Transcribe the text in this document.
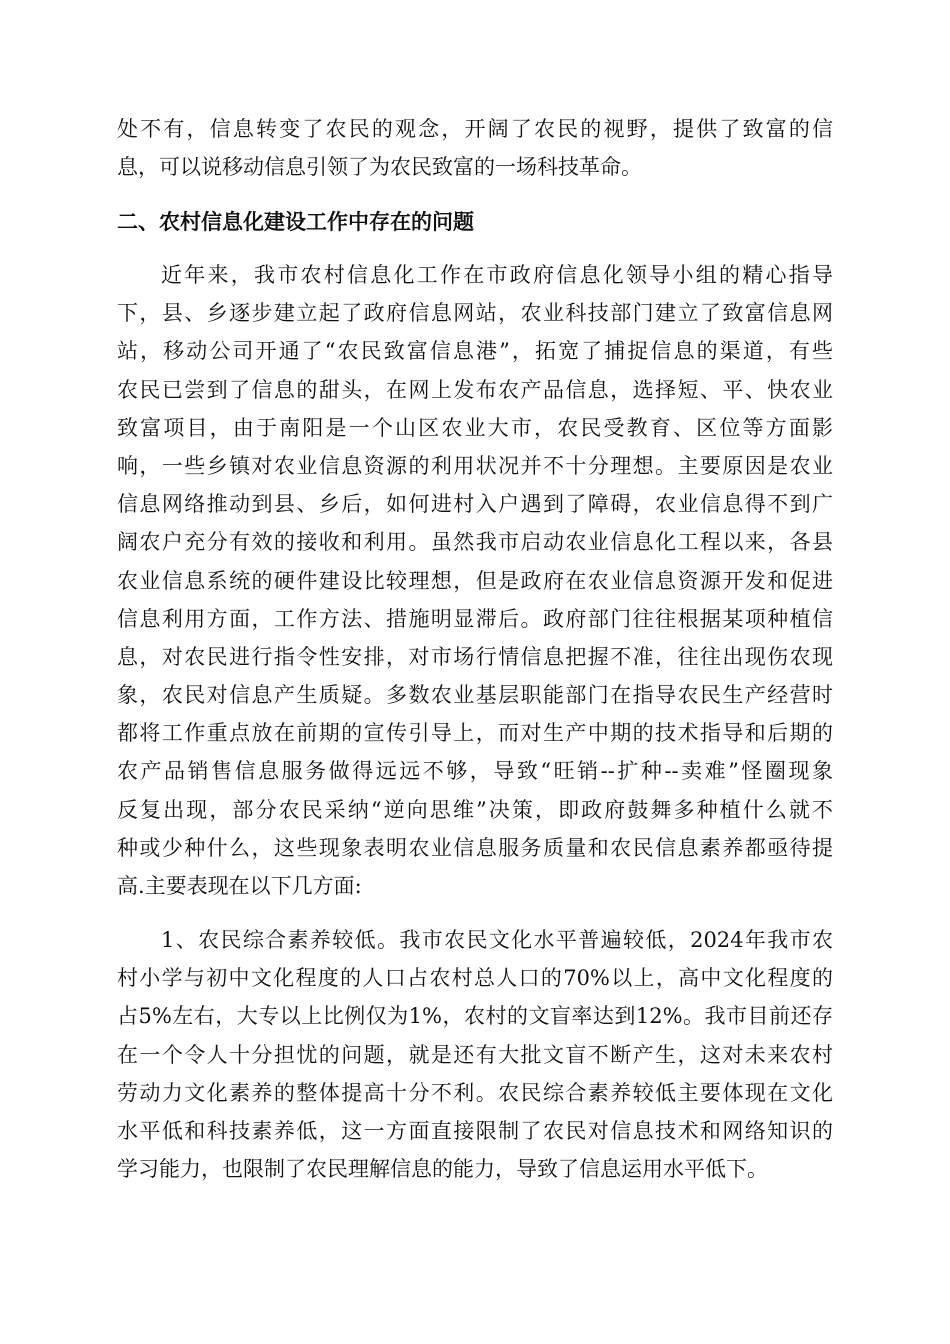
处不有，信息转变了农民的观念，开阔了农民的视野，提供了致富的信
息，可以说移动信息引领了为农民致富的一场科技革命。
二、农村信息化建设工作中存在的问题
近年来，我市农村信息化工作在市政府信息化领导小组的精心指导
下，县、乡逐步建立起了政府信息网站，农业科技部门建立了致富信息网
站，移动公司开通了“农民致富信息港”，拓宽了捕捉信息的渠道，有些
农民已尝到了信息的甜头，在网上发布农产品信息，选择短、平、快农业
致富项目，由于南阳是一个山区农业大市，农民受教育、区位等方面影
响，一些乡镇对农业信息资源的利用状况并不十分理想。主要原因是农业
信息网络推动到县、乡后，如何进村入户遇到了障碍，农业信息得不到广
阔农户充分有效的接收和利用。虽然我市启动农业信息化工程以来，各县
农业信息系统的硬件建设比较理想，但是政府在农业信息资源开发和促进
信息利用方面，工作方法、措施明显滞后。政府部门往往根据某项种植信
息，对农民进行指令性安排，对市场行情信息把握不准，往往出现伤农现
象，农民对信息产生质疑。多数农业基层职能部门在指导农民生产经营时
都将工作重点放在前期的宣传引导上，而对生产中期的技术指导和后期的
农产品销售信息服务做得远远不够，导致“旺销--扩种--卖难”怪圈现象
反复出现，部分农民采纳“逆向思维”决策，即政府鼓舞多种植什么就不
种或少种什么，这些现象表明农业信息服务质量和农民信息素养都亟待提
高.主要表现在以下几方面:
1、农民综合素养较低。我市农民文化水平普遍较低，2024年我市农
村小学与初中文化程度的人口占农村总人口的70%以上，高中文化程度的
占5%左右，大专以上比例仅为1%，农村的文盲率达到12%。我市目前还存
在一个令人十分担忧的问题，就是还有大批文盲不断产生，这对未来农村
劳动力文化素养的整体提高十分不利。农民综合素养较低主要体现在文化
水平低和科技素养低，这一方面直接限制了农民对信息技术和网络知识的
学习能力，也限制了农民理解信息的能力，导致了信息运用水平低下。
